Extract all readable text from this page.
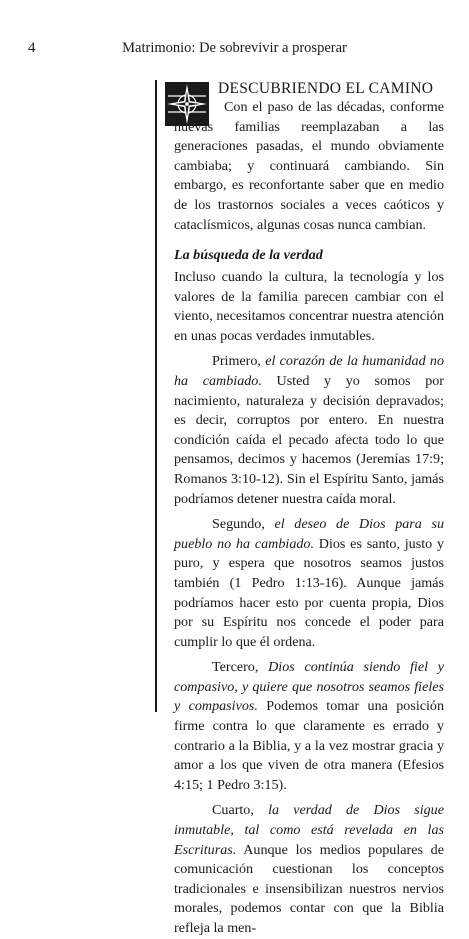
4	Matrimonio: De sobrevivir a prosperar
DESCUBRIENDO EL CAMINO

Con el paso de las décadas, conforme nuevas familias reemplazaban a las generaciones pasadas, el mundo obviamente cambiaba; y continuará cambiando. Sin embargo, es reconfortante saber que en medio de los trastornos sociales a veces caóticos y cataclísmicos, algunas cosas nunca cambian.

La búsqueda de la verdad

Incluso cuando la cultura, la tecnología y los valores de la familia parecen cambiar con el viento, necesitamos concentrar nuestra atención en unas pocas verdades inmutables.

Primero, el corazón de la humanidad no ha cambiado. Usted y yo somos por nacimiento, naturaleza y decisión depravados; es decir, corruptos por entero. En nuestra condición caída el pecado afecta todo lo que pensamos, decimos y hacemos (Jeremías 17:9; Romanos 3:10-12). Sin el Espíritu Santo, jamás podríamos detener nuestra caída moral.

Segundo, el deseo de Dios para su pueblo no ha cambiado. Dios es santo, justo y puro, y espera que nosotros seamos justos también (1 Pedro 1:13-16). Aunque jamás podríamos hacer esto por cuenta propia, Dios por su Espíritu nos concede el poder para cumplir lo que él ordena.

Tercero, Dios continúa siendo fiel y compasivo, y quiere que nosotros seamos fieles y compasivos. Podemos tomar una posición firme contra lo que claramente es errado y contrario a la Biblia, y a la vez mostrar gracia y amor a los que viven de otra manera (Efesios 4:15; 1 Pedro 3:15).

Cuarto, la verdad de Dios sigue inmutable, tal como está revelada en las Escrituras. Aunque los medios populares de comunicación cuestionan los conceptos tradicionales e insensibilizan nuestros nervios morales, podemos contar con que la Biblia refleja la men-
